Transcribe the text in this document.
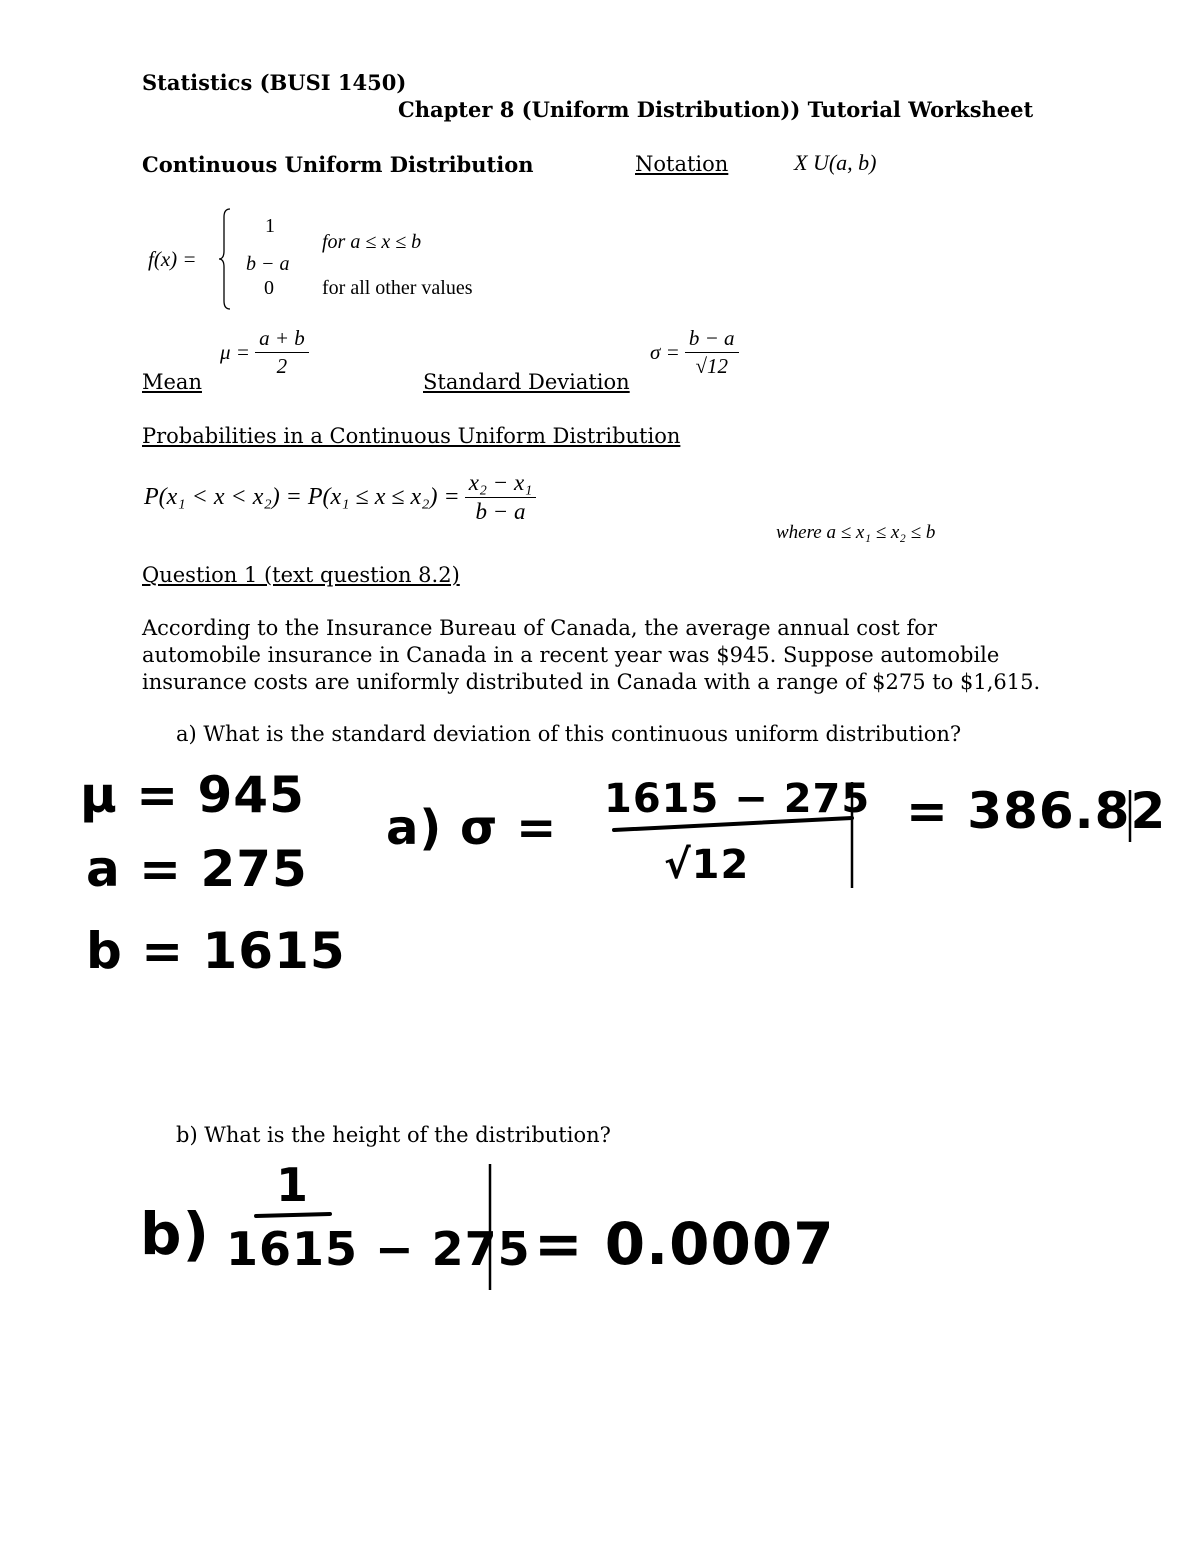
Statistics (BUSI 1450)
Chapter 8 (Uniform Distribution)) Tutorial Worksheet
Continuous Uniform Distribution	Notation	X U(a, b)
f(x) =
1
b − a
for a ≤ x ≤ b
0 for all other values
$\mu = \frac{a + b}{2}$
Mean	Standard Deviation
$\sigma = \frac{b - a}{√12}$
Probabilities in a Continuous Uniform Distribution
$P(x_1 < x < x_2) = P(x_1 \le x \le x_2) = \frac{\text{x₂ − x₁}}{b - a}$
where a ≤ x₁ ≤ x₂ ≤ b
Question 1 (text question 8.2)
According to the Insurance Bureau of Canada, the average annual cost for automobile insurance in Canada in a recent year was $945. Suppose automobile insurance costs are uniformly distributed in Canada with a range of $275 to $1,615.
a) What is the standard deviation of this continuous uniform distribution?
μ = 945
a = 275
b = 1615
a) σ =
1615 − 275
√12
= 386.82
b) What is the height of the distribution?
b)
1
1615 − 275 = 0.0007
